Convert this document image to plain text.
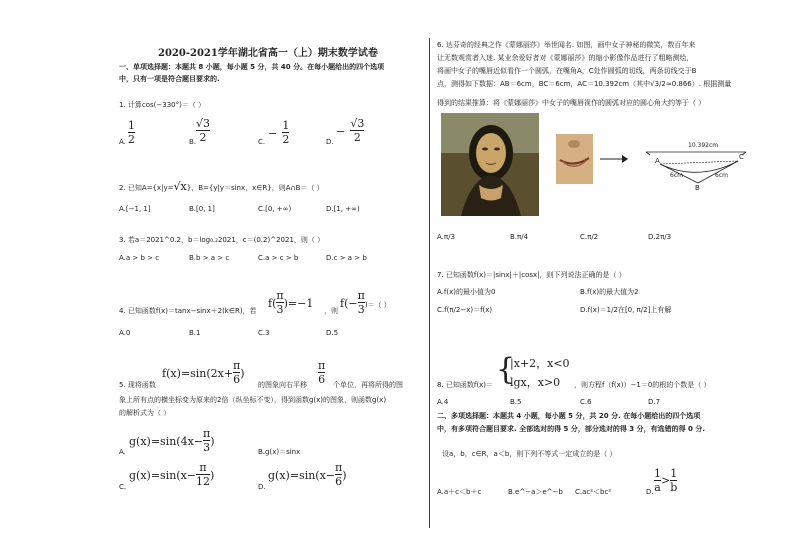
2020-2021学年湖北省高一（上）期末数学试卷
一、单项选择题：本题共 8 小题，每小题 5 分，共 40 分。在每小题给出的四个选项
中，只有一项是符合题目要求的.
1. 计算cos(−330°)＝（ ）
A. $\frac{1}{2}$	B. $\frac{√3}{2}$	C.
− $\frac{1}{2}$	D.
− $\frac{√3}{2}$
2. 已知A={x|y=√x}，B={y|y＝sinx，x∈R}，则A∩B＝（ ）
A.[−1, 1]	B.[0, 1]	C.[0, +∞)	D.[1, +∞)
3. 若a＝2021^0.2，b＝log₀.₂2021，c＝(0.2)^2021，则（ ）
A.a > b > c	B.b > a > c	C.a > c > b	D.c > a > b
4. 已知函数f(x)＝tanx−sinx＋2(k∈R)，若
$f( \frac{\pi}{3} )=-1$
，则
$f(- \frac{\pi}{3}$ )＝（ ）
A.0	B.1	C.3	D.5
5. 现将函数
$f(x)=\sin(2x+ \frac{\pi}{6}$ )
的图象向右平移 $\frac{\pi}{6}$ 个单位，再将所得的图
象上所有点的横坐标变为原来的2倍（纵坐标不变），得到函数g(x)的图象，则函数g(x)
的解析式为（ ）
$g(x)=\sin(4x- \frac{\pi}{3}$ )
A.	B.g(x)＝sinx
$g(x)=\sin(x- \frac{\pi}{12}$ )
C.
$g(x)=\sin(x- \frac{\pi}{6}$ )
D.
6. 达芬奇的经典之作《蒙娜丽莎》举世闻名. 如图，画中女子神秘的微笑，数百年来
让无数观赏者入迷. 某业余爱好者对《蒙娜丽莎》的缩小影像作品进行了粗略测绘，
将画中女子的嘴唇近似看作一个圆弧，在嘴角A，C处作圆弧的切线，两条切线交于B
点，测得如下数据：AB＝6cm，BC＝6cm，AC＝10.392cm（其中√3/2≈0.866）. 根据测量
得到的结果推算：将《蒙娜丽莎》中女子的嘴唇视作的圆弧对应的圆心角大约等于（ ）
10.392cm
A	C
B
6cm	6cm
A.π/3	B.π/4	C.π/2	D.2π/3
7. 已知函数f(x)＝|sinx|＋|cosx|，则下列说法正确的是（ ）
A.f(x)的最小值为0	B.f(x)的最大值为2
C.f(π/2−x)＝f(x)	D.f(x)＝1/2在[0, π/2]上有解
8. 已知函数f(x)＝ {
|x+2，x<0
lgx，x>0 ，则方程f（f(x)）−1＝0的根的个数是（ ）
A.4	B.5	C.6	D.7
二、多项选择题：本题共 4 小题，每小题 5 分，共 20 分. 在每小题给出的四个选项
中，有多项符合题目要求. 全部选对的得 5 分，部分选对的得 3 分，有选错的得 0 分.
设a，b，c∈R，a＜b，则下列不等式一定成立的是（ ）
A.a＋c＜b＋c	B.e^−a＞e^−b C.ac²＜bc²	D. $\frac{1}{a} > \frac{1}{b}$
